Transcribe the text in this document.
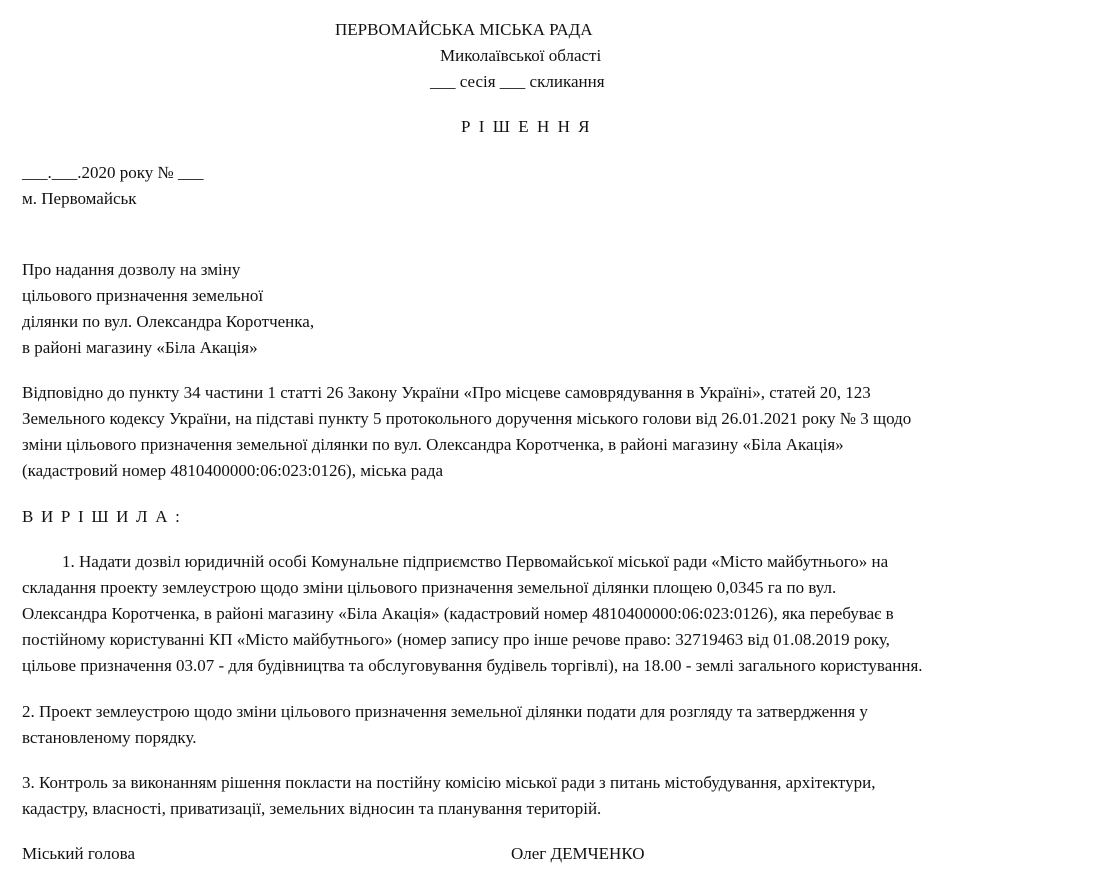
ПЕРВОМАЙСЬКА МІСЬКА РАДА
Миколаївської області
___ сесія ___ скликання
Р І Ш Е Н Н Я
___.___.2020 року № ___
м. Первомайськ
Про надання дозволу на зміну
цільового призначення земельної
ділянки по вул. Олександра Коротченка,
в районі магазину «Біла Акація»
Відповідно до пункту 34 частини 1 статті 26 Закону України «Про місцеве самоврядування в Україні», статей 20, 123
Земельного кодексу України, на підставі пункту 5 протокольного доручення міського голови від 26.01.2021 року № 3 щодо
зміни цільового призначення земельної ділянки по вул. Олександра Коротченка, в районі магазину «Біла Акація»
(кадастровий номер 4810400000:06:023:0126), міська рада
В И Р І Ш И Л А :
1. Надати дозвіл юридичній особі Комунальне підприємство Первомайської міської ради «Місто майбутнього» на
складання проекту землеустрою щодо зміни цільового призначення земельної ділянки площею 0,0345 га по вул.
Олександра Коротченка, в районі магазину «Біла Акація» (кадастровий номер 4810400000:06:023:0126), яка перебуває в
постійному користуванні КП «Місто майбутнього» (номер запису про інше речове право: 32719463 від 01.08.2019 року,
цільове призначення 03.07 - для будівництва та обслуговування будівель торгівлі), на 18.00 - землі загального користування.
2. Проект землеустрою щодо зміни цільового призначення земельної ділянки подати для розгляду та затвердження у
встановленому порядку.
3. Контроль за виконанням рішення покласти на постійну комісію міської ради з питань містобудування, архітектури,
кадастру, власності, приватизації, земельних відносин та планування територій.
Міський голова	Олег ДЕМЧЕНКО
